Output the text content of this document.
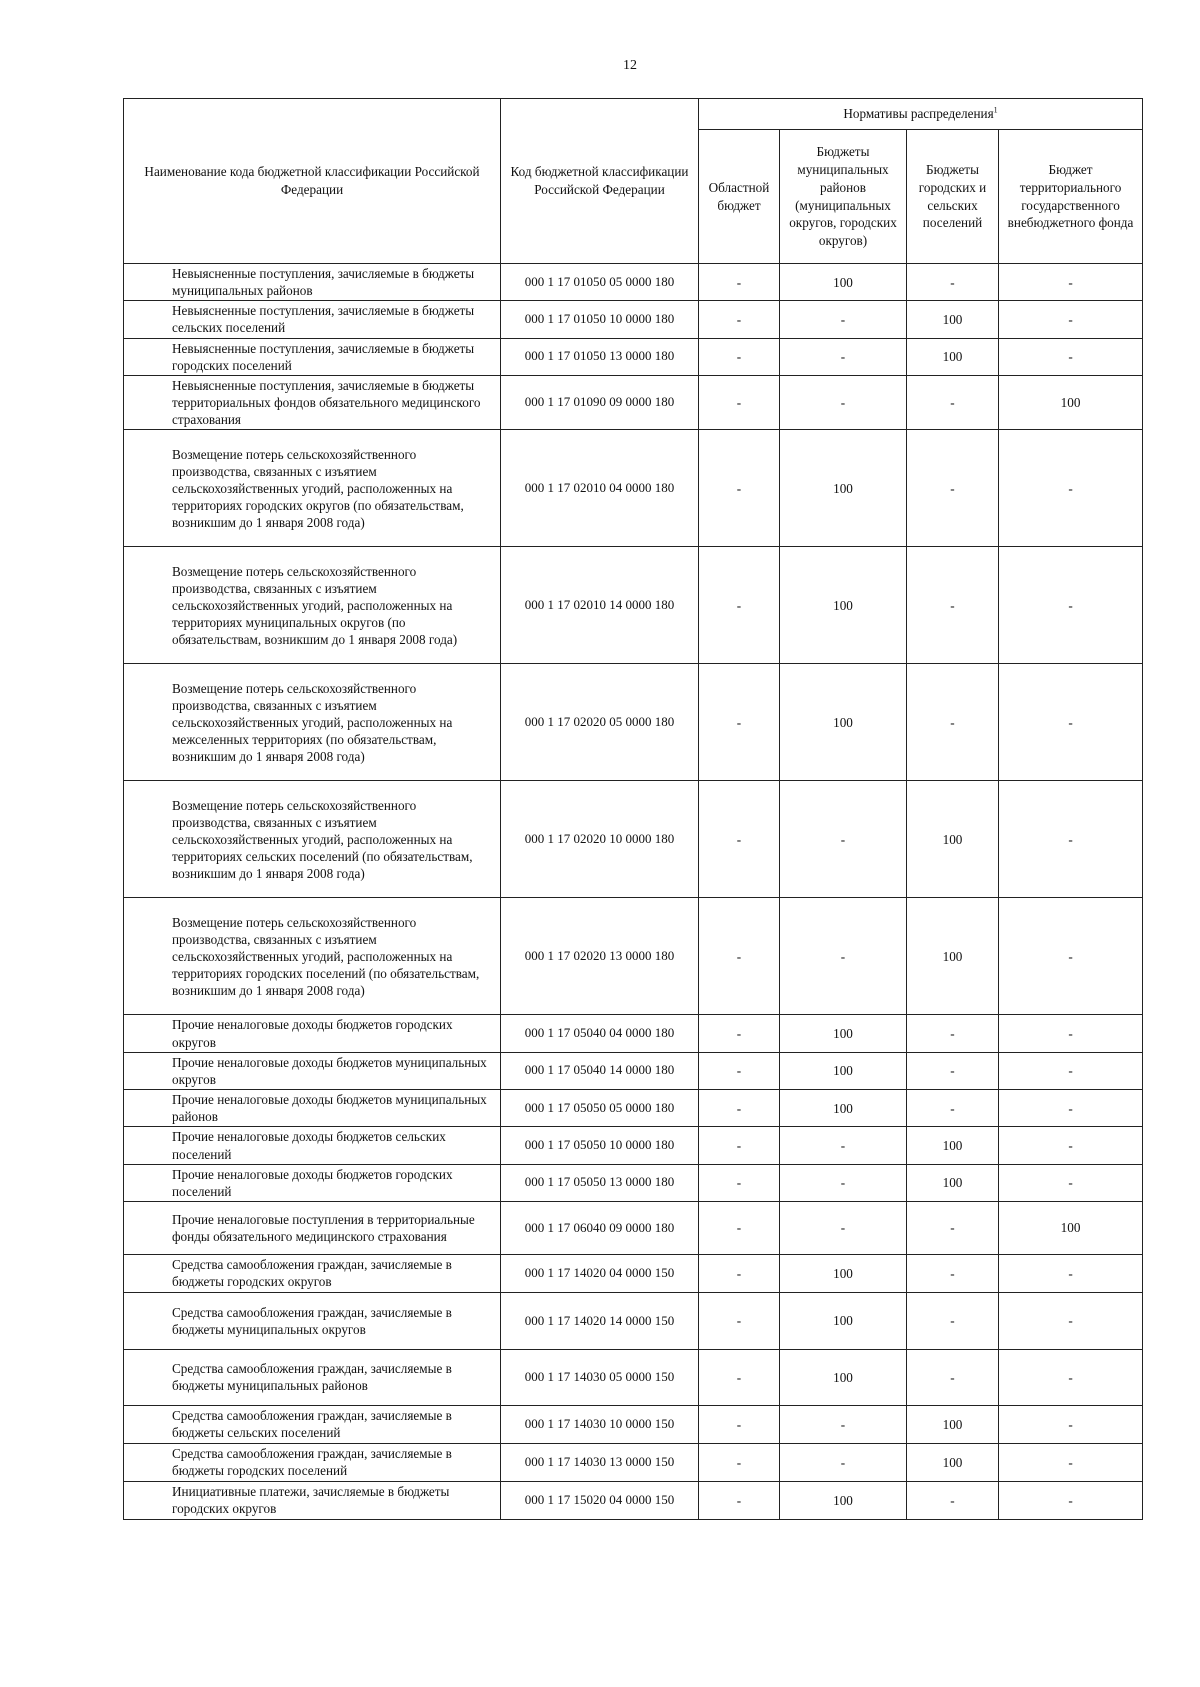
12
Наименование кода бюджетной классификации Российской Федерации	Код бюджетной классификации Российской Федерации	Нормативы распределения$^1$
		Областной бюджет	Бюджеты муниципальных районов (муниципальных округов, городских округов)	Бюджеты городских и сельских поселений	Бюджет территориального государственного внебюджетного фонда
Невыясненные поступления, зачисляемые в бюджеты муниципальных районов	000 1 17 01050 05 0000 180	-	100	-	-
Невыясненные поступления, зачисляемые в бюджеты сельских поселений	000 1 17 01050 10 0000 180	-	-	100	-
Невыясненные поступления, зачисляемые в бюджеты городских поселений	000 1 17 01050 13 0000 180	-	-	100	-
Невыясненные поступления, зачисляемые в бюджеты территориальных фондов обязательного медицинского страхования	000 1 17 01090 09 0000 180	-	-	-	100
Возмещение потерь сельскохозяйственного производства, связанных с изъятием сельскохозяйственных угодий, расположенных на территориях городских округов (по обязательствам, возникшим до 1 января 2008 года)	000 1 17 02010 04 0000 180	-	100	-	-
Возмещение потерь сельскохозяйственного производства, связанных с изъятием сельскохозяйственных угодий, расположенных на территориях муниципальных округов (по обязательствам, возникшим до 1 января 2008 года)	000 1 17 02010 14 0000 180	-	100	-	-
Возмещение потерь сельскохозяйственного производства, связанных с изъятием сельскохозяйственных угодий, расположенных на межселенных территориях (по обязательствам, возникшим до 1 января 2008 года)	000 1 17 02020 05 0000 180	-	100	-	-
Возмещение потерь сельскохозяйственного производства, связанных с изъятием сельскохозяйственных угодий, расположенных на территориях сельских поселений (по обязательствам, возникшим до 1 января 2008 года)	000 1 17 02020 10 0000 180	-	-	100	-
Возмещение потерь сельскохозяйственного производства, связанных с изъятием сельскохозяйственных угодий, расположенных на территориях городских поселений (по обязательствам, возникшим до 1 января 2008 года)	000 1 17 02020 13 0000 180	-	-	100	-
Прочие неналоговые доходы бюджетов городских округов	000 1 17 05040 04 0000 180	-	100	-	-
Прочие неналоговые доходы бюджетов муниципальных округов	000 1 17 05040 14 0000 180	-	100	-	-
Прочие неналоговые доходы бюджетов муниципальных районов	000 1 17 05050 05 0000 180	-	100	-	-
Прочие неналоговые доходы бюджетов сельских поселений	000 1 17 05050 10 0000 180	-	-	100	-
Прочие неналоговые доходы бюджетов городских поселений	000 1 17 05050 13 0000 180	-	-	100	-
Прочие неналоговые поступления в территориальные фонды обязательного медицинского страхования	000 1 17 06040 09 0000 180	-	-	-	100
Средства самообложения граждан, зачисляемые в бюджеты городских округов	000 1 17 14020 04 0000 150	-	100	-	-
Средства самообложения граждан, зачисляемые в бюджеты муниципальных округов	000 1 17 14020 14 0000 150	-	100	-	-
Средства самообложения граждан, зачисляемые в бюджеты муниципальных районов	000 1 17 14030 05 0000 150	-	100	-	-
Средства самообложения граждан, зачисляемые в бюджеты сельских поселений	000 1 17 14030 10 0000 150	-	-	100	-
Средства самообложения граждан, зачисляемые в бюджеты городских поселений	000 1 17 14030 13 0000 150	-	-	100	-
Инициативные платежи, зачисляемые в бюджеты городских округов	000 1 17 15020 04 0000 150	-	100	-	-
